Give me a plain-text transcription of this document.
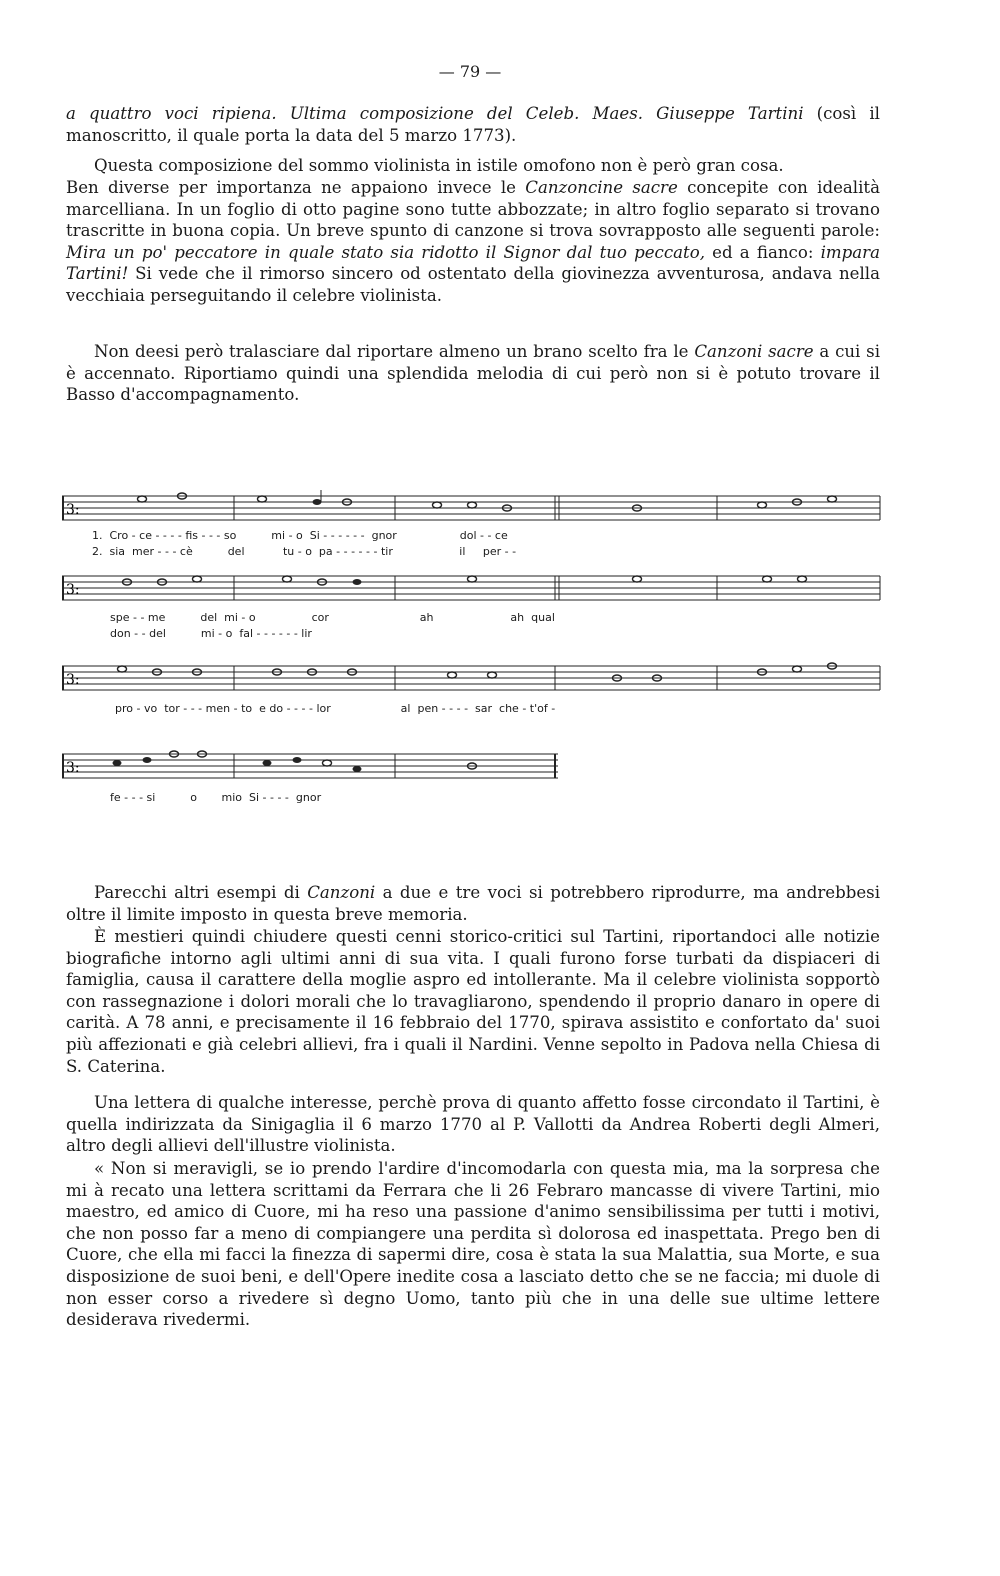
— 79 —

a quattro voci ripiena. Ultima composizione del Celeb. Maes. Giuseppe Tartini (così il manoscritto, il quale porta la data del 5 marzo 1773).

Questa composizione del sommo violinista in istile omofono non è però gran cosa.

Ben diverse per importanza ne appaiono invece le Canzoncine sacre concepite con idealità marcelliana. In un foglio di otto pagine sono tutte abbozzate; in altro foglio separato si trovano trascritte in buona copia. Un breve spunto di canzone si trova sovrapposto alle seguenti parole: Mira un po' peccatore in quale stato sia ridotto il Signor dal tuo peccato, ed a fianco: impara Tartini! Si vede che il rimorso sincero od ostentato della giovinezza avventurosa, andava nella vecchiaia perseguitando il celebre violinista.

Non deesi però tralasciare dal riportare almeno un brano scelto fra le Canzoni sacre a cui si è accennato. Riportiamo quindi una splendida melodia di cui però non si è potuto trovare il Basso d'accompagnamento.

3:
1.  Cro - ce - - - - fis - - - so          mi - o  Si - - - - - -  gnor                  dol - - ce
2.  sia  mer - - - cè          del           tu - o  pa - - - - - - tir                   il     per - -
3:
spe - - me          del  mi - o                cor                          ah                      ah  qual
don - - del          mi - o  fal - - - - - - lir
3:
pro - vo  tor - - - men - to  e do - - - - lor                    al  pen - - - -  sar  che - t'of -
3:
fe - - - si          o       mio  Si - - - -  gnor

Parecchi altri esempi di Canzoni a due e tre voci si potrebbero riprodurre, ma andrebbesi oltre il limite imposto in questa breve memoria.

È mestieri quindi chiudere questi cenni storico-critici sul Tartini, riportandoci alle notizie biografiche intorno agli ultimi anni di sua vita. I quali furono forse turbati da dispiaceri di famiglia, causa il carattere della moglie aspro ed intollerante. Ma il celebre violinista sopportò con rassegnazione i dolori morali che lo travagliarono, spendendo il proprio danaro in opere di carità. A 78 anni, e precisamente il 16 febbraio del 1770, spirava assistito e confortato da' suoi più affezionati e già celebri allievi, fra i quali il Nardini. Venne sepolto in Padova nella Chiesa di S. Caterina.

Una lettera di qualche interesse, perchè prova di quanto affetto fosse circondato il Tartini, è quella indirizzata da Sinigaglia il 6 marzo 1770 al P. Vallotti da Andrea Roberti degli Almeri, altro degli allievi dell'illustre violinista.

« Non si meravigli, se io prendo l'ardire d'incomodarla con questa mia, ma la sorpresa che mi à recato una lettera scrittami da Ferrara che li 26 Febraro mancasse di vivere Tartini, mio maestro, ed amico di Cuore, mi ha reso una passione d'animo sensibilissima per tutti i motivi, che non posso far a meno di compiangere una perdita sì dolorosa ed inaspettata. Prego ben di Cuore, che ella mi facci la finezza di sapermi dire, cosa è stata la sua Malattia, sua Morte, e sua disposizione de suoi beni, e dell'Opere inedite cosa a lasciato detto che se ne faccia; mi duole di non esser corso a rivedere sì degno Uomo, tanto più che in una delle sue ultime lettere desiderava rivedermi.
